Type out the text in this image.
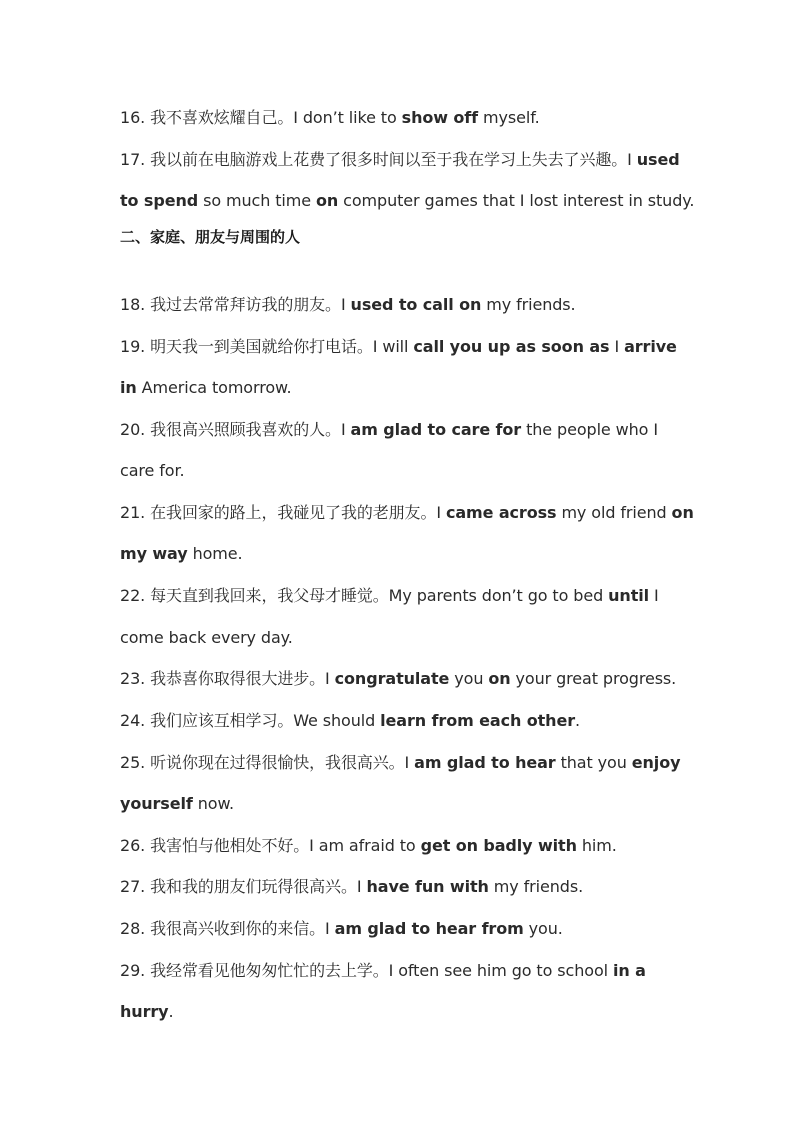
16. 我不喜欢炫耀自己。I don’t like to show off myself.
17. 我以前在电脑游戏上花费了很多时间以至于我在学习上失去了兴趣。I used
to spend so much time on computer games that I lost interest in study.
18. 我过去常常拜访我的朋友。I used to call on my friends.
19. 明天我一到美国就给你打电话。I will call you up as soon as I arrive
in America tomorrow.
20. 我很高兴照顾我喜欢的人。I am glad to care for the people who I
care for.
21. 在我回家的路上，我碰见了我的老朋友。I came across my old friend on
my way home.
22. 每天直到我回来，我父母才睡觉。My parents don’t go to bed until I
come back every day.
23. 我恭喜你取得很大进步。I congratulate you on your great progress.
24. 我们应该互相学习。We should learn from each other.
25. 听说你现在过得很愉快，我很高兴。I am glad to hear that you enjoy
yourself now.
26. 我害怕与他相处不好。I am afraid to get on badly with him.
27. 我和我的朋友们玩得很高兴。I have fun with my friends.
28. 我很高兴收到你的来信。I am glad to hear from you.
29. 我经常看见他匆匆忙忙的去上学。I often see him go to school in a
hurry.
二、家庭、朋友与周围的人
